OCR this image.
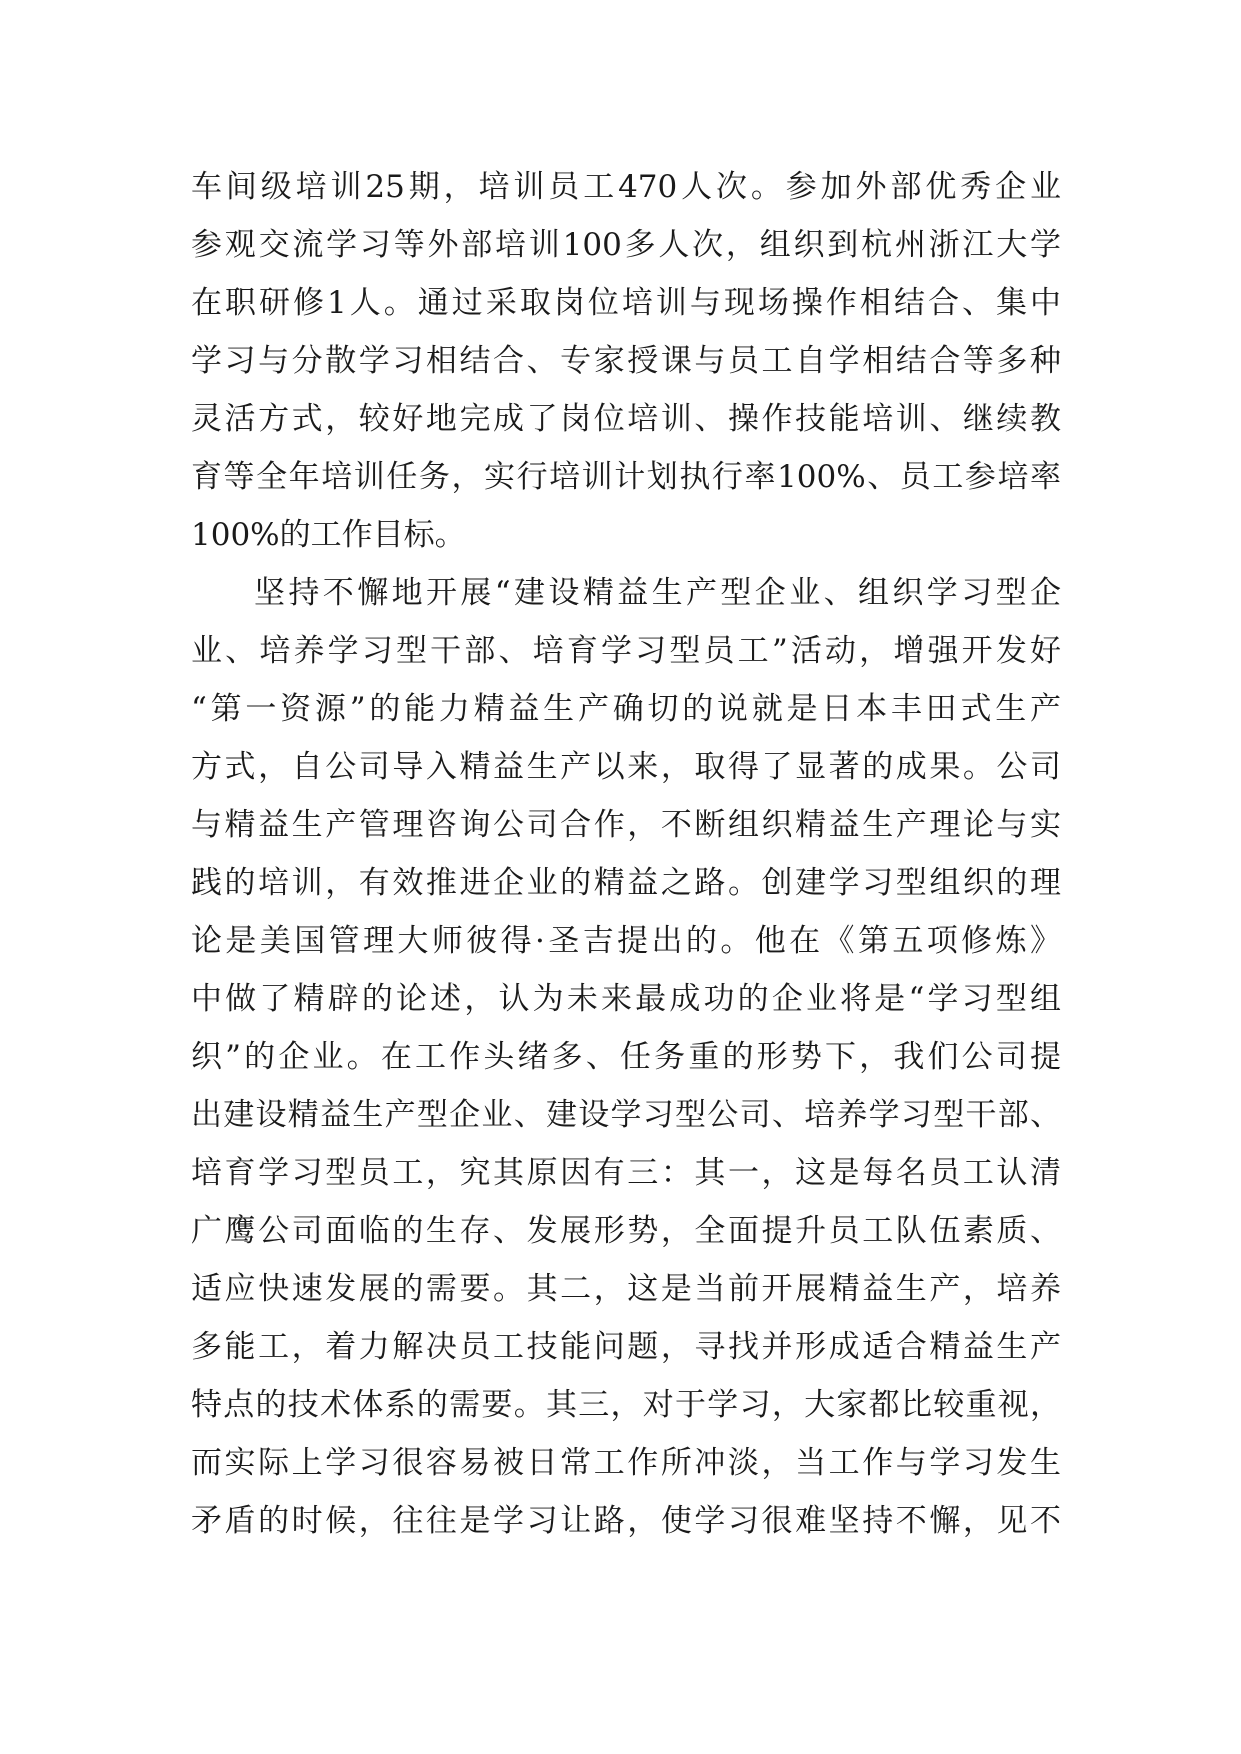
车间级培训25期，培训员工470人次。参加外部优秀企业
参观交流学习等外部培训100多人次，组织到杭州浙江大学
在职研修1人。通过采取岗位培训与现场操作相结合、集中
学习与分散学习相结合、专家授课与员工自学相结合等多种
灵活方式，较好地完成了岗位培训、操作技能培训、继续教
育等全年培训任务，实行培训计划执行率100%、员工参培率
100%的工作目标。
坚持不懈地开展“建设精益生产型企业、组织学习型企
业、培养学习型干部、培育学习型员工”活动，增强开发好
“第一资源”的能力精益生产确切的说就是日本丰田式生产
方式，自公司导入精益生产以来，取得了显著的成果。公司
与精益生产管理咨询公司合作，不断组织精益生产理论与实
践的培训，有效推进企业的精益之路。创建学习型组织的理
论是美国管理大师彼得·圣吉提出的。他在《第五项修炼》
中做了精辟的论述，认为未来最成功的企业将是“学习型组
织”的企业。在工作头绪多、任务重的形势下，我们公司提
出建设精益生产型企业、建设学习型公司、培养学习型干部、
培育学习型员工，究其原因有三：其一，这是每名员工认清
广鹰公司面临的生存、发展形势，全面提升员工队伍素质、
适应快速发展的需要。其二，这是当前开展精益生产，培养
多能工，着力解决员工技能问题，寻找并形成适合精益生产
特点的技术体系的需要。其三，对于学习，大家都比较重视，
而实际上学习很容易被日常工作所冲淡，当工作与学习发生
矛盾的时候，往往是学习让路，使学习很难坚持不懈，见不
